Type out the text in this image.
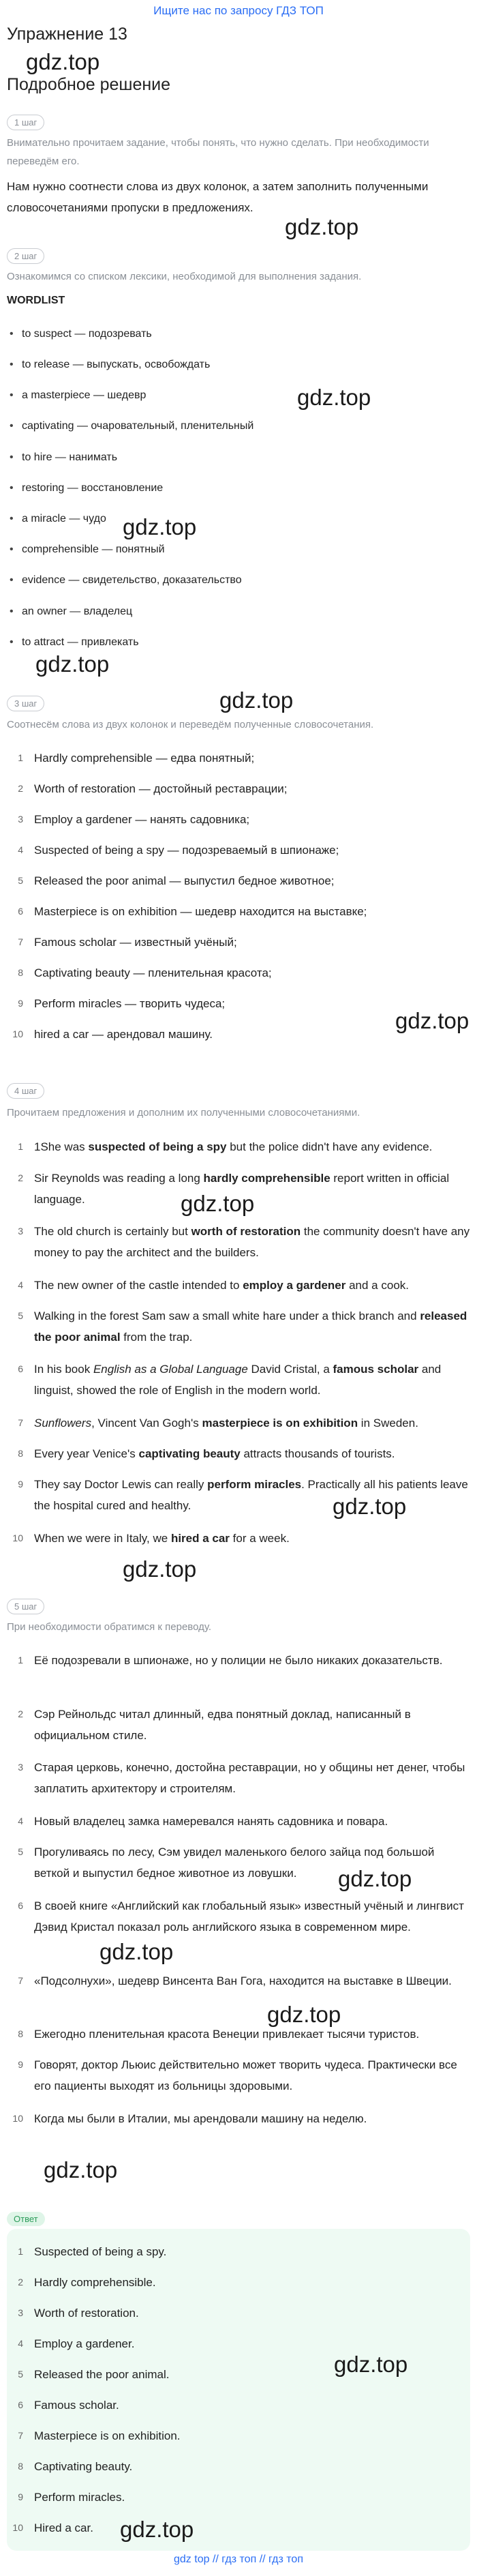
Ищите нас по запросу ГДЗ ТОП
Упражнение 13
gdz.top
Подробное решение
1 шаг
Внимательно прочитаем задание, чтобы понять, что нужно сделать. При необходимости переведём его.
Нам нужно соотнести слова из двух колонок, а затем заполнить полученными словосочетаниями пропуски в предложениях.
gdz.top
2 шаг
Ознакомимся со списком лексики, необходимой для выполнения задания.
WORDLIST
• to suspect — подозревать
• to release — выпускать, освобождать
• a masterpiece — шедевр
• captivating — очаровательный, пленительный
• to hire — нанимать
• restoring — восстановление
• a miracle — чудо
• comprehensible — понятный
• evidence — свидетельство, доказательство
• an owner — владелец
• to attract — привлекать
gdz.top
gdz.top
gdz.top
3 шаг	gdz.top
Соотнесём слова из двух колонок и переведём полученные словосочетания.
1 Hardly comprehensible — едва понятный;
2 Worth of restoration — достойный реставрации;
3 Employ a gardener — нанять садовника;
4 Suspected of being a spy — подозреваемый в шпионаже;
5 Released the poor animal — выпустил бедное животное;
6 Masterpiece is on exhibition — шедевр находится на выставке;
7 Famous scholar — известный учёный;
8 Captivating beauty — пленительная красота;
9 Perform miracles — творить чудеса;
10 hired a car — арендовал машину.
gdz.top
4 шаг
Прочитаем предложения и дополним их полученными словосочетаниями.
1 1She was suspected of being a spy but the police didn't have any evidence.
2 Sir Reynolds was reading a long hardly comprehensible report written in official language.	gdz.top
3 The old church is certainly but worth of restoration the community doesn't have any money to pay the architect and the builders.
4 The new owner of the castle intended to employ a gardener and a cook.
5 Walking in the forest Sam saw a small white hare under a thick branch and released the poor animal from the trap.
6 In his book English as a Global Language David Cristal, a famous scholar and linguist, showed the role of English in the modern world.
7 Sunflowers, Vincent Van Gogh's masterpiece is on exhibition in Sweden.
8 Every year Venice's captivating beauty attracts thousands of tourists.
9 They say Doctor Lewis can really perform miracles. Practically all his patients leave the hospital cured and healthy.	gdz.top
10 When we were in Italy, we hired a car for a week.
gdz.top
5 шаг
При необходимости обратимся к переводу.
1 Её подозревали в шпионаже, но у полиции не было никаких доказательств.
2 Сэр Рейнольдс читал длинный, едва понятный доклад, написанный в официальном стиле.
3 Старая церковь, конечно, достойна реставрации, но у общины нет денег, чтобы заплатить архитектору и строителям.
4 Новый владелец замка намеревался нанять садовника и повара.
5 Прогуливаясь по лесу, Сэм увидел маленького белого зайца под большой веткой и выпустил бедное животное из ловушки.
6 В своей книге «Английский как глобальный язык» известный учёный и лингвист Дэвид Кристал показал роль английского языка в современном мире.
7 «Подсолнухи», шедевр Винсента Ван Гога, находится на выставке в Швеции.
8 Ежегодно пленительная красота Венеции привлекает тысячи туристов.
9 Говорят, доктор Льюис действительно может творить чудеса. Практически все его пациенты выходят из больницы здоровыми.
10 Когда мы были в Италии, мы арендовали машину на неделю.
gdz.top
gdz.top
gdz.top
gdz.top
Ответ
1 Suspected of being a spy.
2 Hardly comprehensible.
3 Worth of restoration.
4 Employ a gardener.
5 Released the poor animal.
6 Famous scholar.
7 Masterpiece is on exhibition.
8 Captivating beauty.
9 Perform miracles.
10 Hired a car.
gdz.top
gdz.top
gdz top // гдз топ // гдз топ
